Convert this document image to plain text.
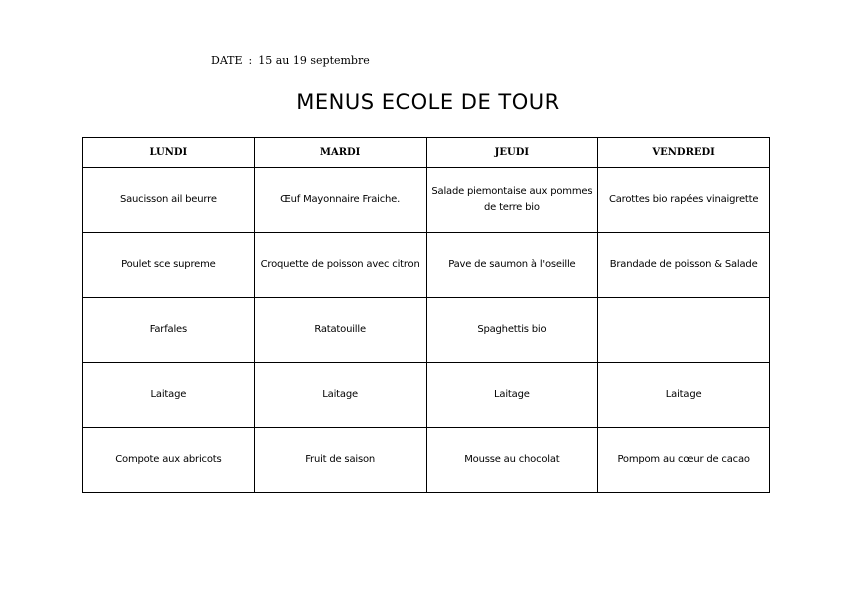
DATE : 15 au 19 septembre
MENUS ECOLE DE TOUR
LUNDI	MARDI	JEUDI	VENDREDI
Saucisson ail beurre	Œuf Mayonnaire Fraiche.	Salade piemontaise aux pommes de terre bio	Carottes bio rapées vinaigrette
Poulet sce supreme	Croquette de poisson avec citron	Pave de saumon à l'oseille	Brandade de poisson & Salade
Farfales	Ratatouille	Spaghettis bio	
Laitage	Laitage	Laitage	Laitage
Compote aux abricots	Fruit de saison	Mousse au chocolat	Pompom au cœur de cacao
